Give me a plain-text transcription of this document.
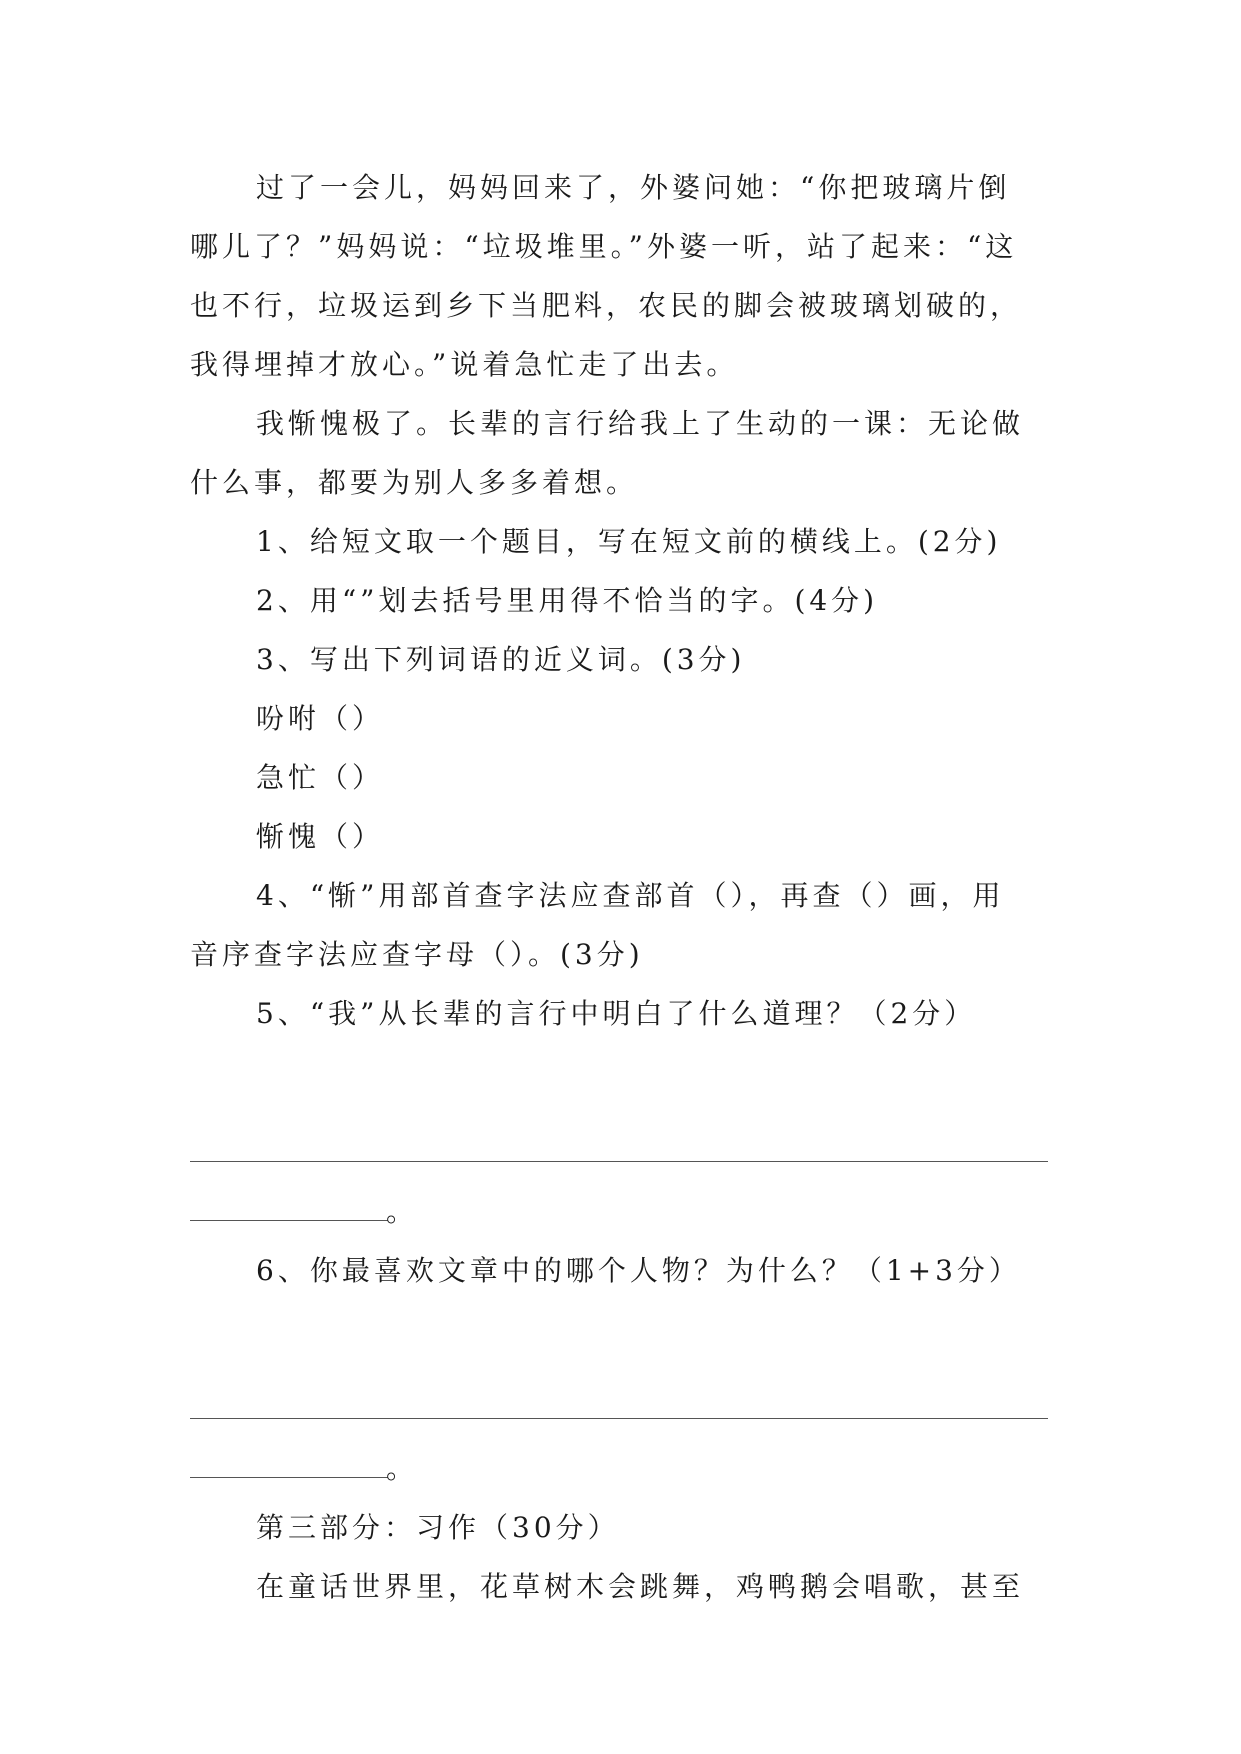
过了一会儿，妈妈回来了，外婆问她：“你把玻璃片倒
哪儿了？”妈妈说：“垃圾堆里。”外婆一听，站了起来：“这
也不行，垃圾运到乡下当肥料，农民的脚会被玻璃划破的，
我得埋掉才放心。”说着急忙走了出去。
我惭愧极了。长辈的言行给我上了生动的一课：无论做
什么事，都要为别人多多着想。
1、给短文取一个题目，写在短文前的横线上。(2分)
2、用“”划去括号里用得不恰当的字。(4分)
3、写出下列词语的近义词。(3分)
吩咐（）
急忙（）
惭愧（）
4、“惭”用部首查字法应查部首（），再查（）画，用
音序查字法应查字母（）。(3分)
5、“我”从长辈的言行中明白了什么道理？（2分）
。
6、你最喜欢文章中的哪个人物？为什么？（1+3分）
。
第三部分：习作（30分）
在童话世界里，花草树木会跳舞，鸡鸭鹅会唱歌，甚至
